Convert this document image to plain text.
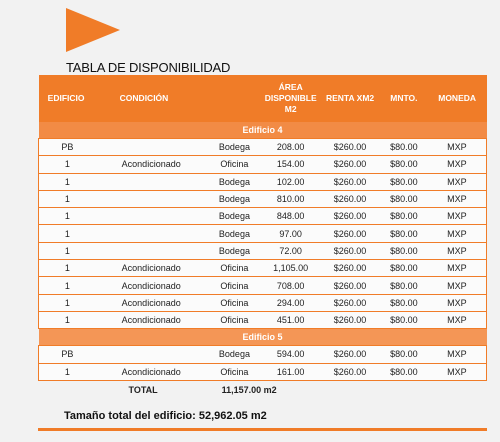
TABLA DE DISPONIBILIDAD
EDIFICIO	CONDICIÓN		ÁREA
DISPONIBLE
M2	RENTA XM2	MNTO.	MONEDA
Edificio 4						
PB		Bodega	208.00	$260.00	$80.00	MXP
1	Acondicionado	Oficina	154.00	$260.00	$80.00	MXP
1		Bodega	102.00	$260.00	$80.00	MXP
1		Bodega	810.00	$260.00	$80.00	MXP
1		Bodega	848.00	$260.00	$80.00	MXP
1		Bodega	97.00	$260.00	$80.00	MXP
1		Bodega	72.00	$260.00	$80.00	MXP
1	Acondicionado	Oficina	1,105.00	$260.00	$80.00	MXP
1	Acondicionado	Oficina	708.00	$260.00	$80.00	MXP
1	Acondicionado	Oficina	294.00	$260.00	$80.00	MXP
1	Acondicionado	Oficina	451.00	$260.00	$80.00	MXP
Edificio 5						
PB		Bodega	594.00	$260.00	$80.00	MXP
1	Acondicionado	Oficina	161.00	$260.00	$80.00	MXP
TOTAL		11,157.00 m2				
Tamaño total del edificio: 52,962.05 m2
